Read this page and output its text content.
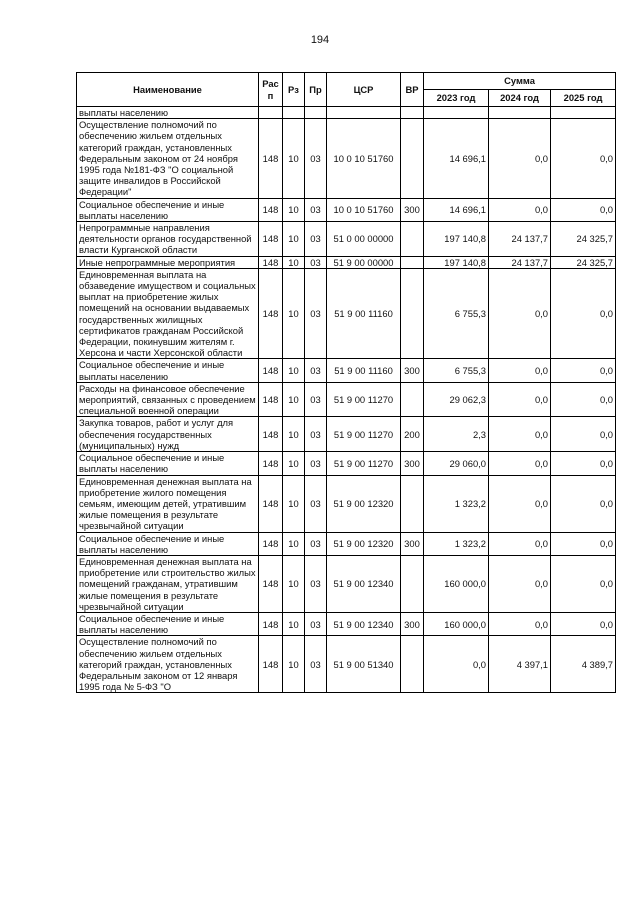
194
Наименование	Рас п	Рз	Пр	ЦСР	ВР	Сумма		
						2023 год	2024 год	2025 год
выплаты населению								
Осуществление полномочий по обеспечению жильем отдельных категорий граждан, установленных Федеральным законом от 24 ноября 1995 года №181-ФЗ "О социальной защите инвалидов в Российской Федерации"	148	10	03	10 0 10 51760		14 696,1	0,0	0,0
Социальное обеспечение и иные выплаты населению	148	10	03	10 0 10 51760	300	14 696,1	0,0	0,0
Непрограммные направления деятельности органов государственной власти Курганской области	148	10	03	51 0 00 00000		197 140,8	24 137,7	24 325,7
Иные непрограммные мероприятия	148	10	03	51 9 00 00000		197 140,8	24 137,7	24 325,7
Единовременная выплата на обзаведение имуществом и социальных выплат на приобретение жилых помещений на основании выдаваемых государственных жилищных сертификатов гражданам Российской Федерации, покинувшим жителям г. Херсона и части Херсонской области	148	10	03	51 9 00 11160		6 755,3	0,0	0,0
Социальное обеспечение и иные выплаты населению	148	10	03	51 9 00 11160	300	6 755,3	0,0	0,0
Расходы на финансовое обеспечение мероприятий, связанных с проведением специальной военной операции	148	10	03	51 9 00 11270		29 062,3	0,0	0,0
Закупка товаров, работ и услуг для обеспечения государственных (муниципальных) нужд	148	10	03	51 9 00 11270	200	2,3	0,0	0,0
Социальное обеспечение и иные выплаты населению	148	10	03	51 9 00 11270	300	29 060,0	0,0	0,0
Единовременная денежная выплата на приобретение жилого помещения семьям, имеющим детей, утратившим жилые помещения в результате чрезвычайной ситуации	148	10	03	51 9 00 12320		1 323,2	0,0	0,0
Социальное обеспечение и иные выплаты населению	148	10	03	51 9 00 12320	300	1 323,2	0,0	0,0
Единовременная денежная выплата на приобретение или строительство жилых помещений гражданам, утратившим жилые помещения в результате чрезвычайной ситуации	148	10	03	51 9 00 12340		160 000,0	0,0	0,0
Социальное обеспечение и иные выплаты населению	148	10	03	51 9 00 12340	300	160 000,0	0,0	0,0
Осуществление полномочий по обеспечению жильем отдельных категорий граждан, установленных Федеральным законом от 12 января 1995 года № 5-ФЗ "О	148	10	03	51 9 00 51340		0,0	4 397,1	4 389,7
